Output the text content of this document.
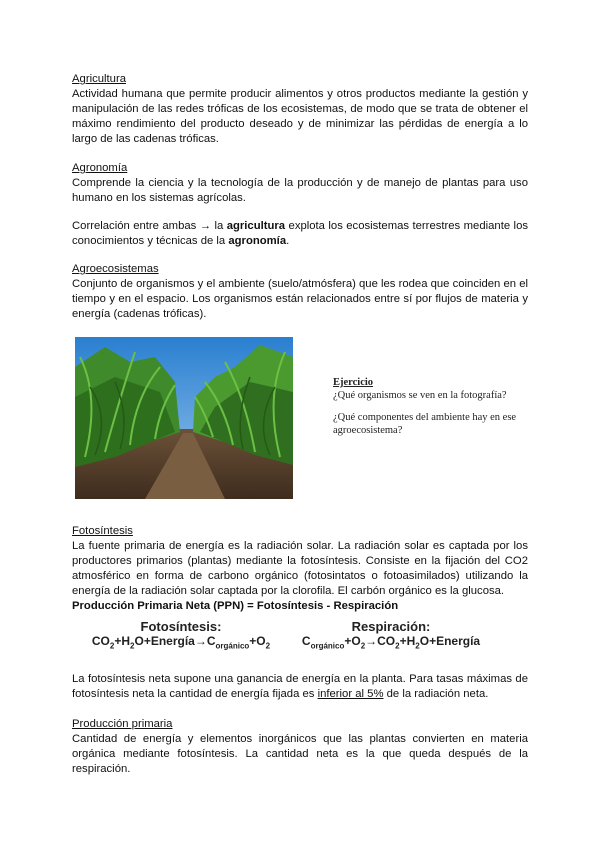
Agricultura
Actividad humana que permite producir alimentos y otros productos mediante la gestión y manipulación de las redes tróficas de los ecosistemas, de modo que se trata de obtener el máximo rendimiento del producto deseado y de minimizar las pérdidas de energía a lo largo de las cadenas tróficas.
Agronomía
Comprende la ciencia y la tecnología de la producción y de manejo de plantas para uso humano en los sistemas agrícolas.
Correlación entre ambas → la agricultura explota los ecosistemas terrestres mediante los conocimientos y técnicas de la agronomía.
Agroecosistemas
Conjunto de organismos y el ambiente (suelo/atmósfera) que les rodea que coinciden en el tiempo y en el espacio. Los organismos están relacionados entre sí por flujos de materia y energía (cadenas tróficas).
Ejercicio
¿Qué organismos se ven en la fotografía?
¿Qué componentes del ambiente hay en ese agroecosistema?
Fotosíntesis
La fuente primaria de energía es la radiación solar. La radiación solar es captada por los productores primarios (plantas) mediante la fotosíntesis. Consiste en la fijación del CO2 atmosférico en forma de carbono orgánico (fotosintatos o fotoasimilados) utilizando la energía de la radiación solar captada por la clorofila. El carbón orgánico es la glucosa.
Producción Primaria Neta (PPN) = Fotosíntesis - Respiración
Fotosíntesis:
$CO_2+H_2O+Energía\to C_{orgánico}+O_2$
Respiración:
$C_{orgánico}+O_2\to CO_2+H_2O+Energía$
La fotosíntesis neta supone una ganancia de energía en la planta. Para tasas máximas de fotosíntesis neta la cantidad de energía fijada es inferior al 5% de la radiación neta.
Producción primaria
Cantidad de energía y elementos inorgánicos que las plantas convierten en materia orgánica mediante fotosíntesis. La cantidad neta es la que queda después de la respiración.
